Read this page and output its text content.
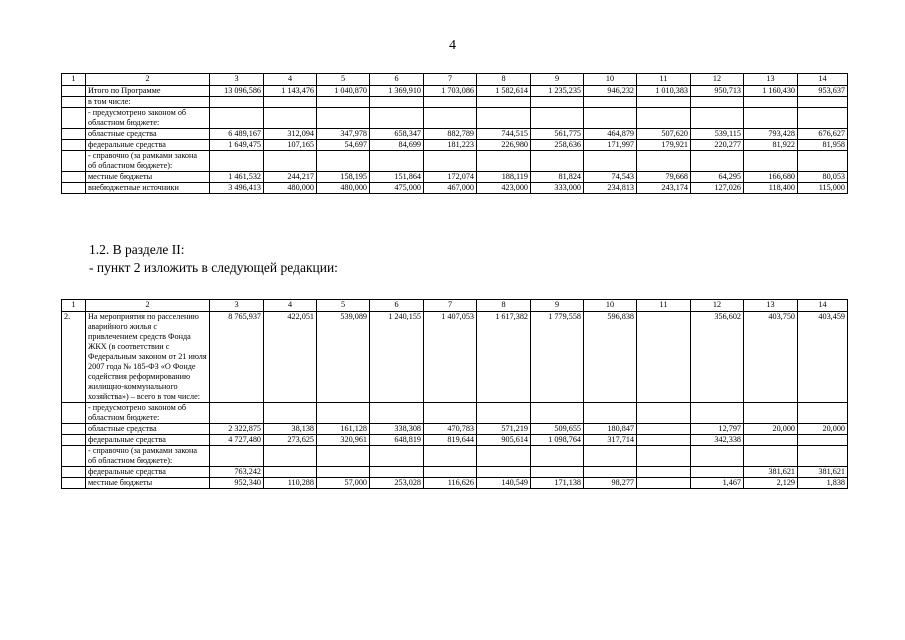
4
1	2	3	4	5	6	7	8	9	10	11	12	13	14
	Итого по Программе	13 096,586	1 143,476	1 040,870	1 369,910	1 703,086	1 582,614	1 235,235	946,232	1 010,383	950,713	1 160,430	953,637
	в том числе:												
	- предусмотрено законом об областном бюджете:												
	областные средства	6 489,167	312,094	347,978	658,347	882,789	744,515	561,775	464,879	507,620	539,115	793,428	676,627
	федеральные средства	1 649,475	107,165	54,697	84,699	181,223	226,980	258,636	171,997	179,921	220,277	81,922	81,958
	- справочно (за рамками закона об областном бюджете):												
	местные бюджеты	1 461,532	244,217	158,195	151,864	172,074	188,119	81,824	74,543	79,668	64,295	166,680	80,053
	внебюджетные источники	3 496,413	480,000	480,000	475,000	467,000	423,000	333,000	234,813	243,174	127,026	118,400	115,000
1.2. В разделе II:
- пункт 2 изложить в следующей редакции:
1	2	3	4	5	6	7	8	9	10	11	12	13	14
2.	На мероприятия по расселению аварийного жилья с привлечением средств Фонда ЖКХ (в соответствии с Федеральным законом от 21 июля 2007 года № 185-ФЗ «О Фонде содействия реформированию жилищно-коммунального хозяйства») – всего в том числе:	8 765,937	422,051	539,089	1 240,155	1 407,053	1 617,382	1 779,558	596,838		356,602	403,750	403,459
	- предусмотрено законом об областном бюджете:												
	областные средства	2 322,875	38,138	161,128	338,308	470,783	571,219	509,655	180,847		12,797	20,000	20,000
	федеральные средства	4 727,480	273,625	320,961	648,819	819,644	905,614	1 098,764	317,714		342,338		
	- справочно (за рамками закона об областном бюджете):												
	федеральные средства	763,242										381,621	381,621
	местные бюджеты	952,340	110,288	57,000	253,028	116,626	140,549	171,138	98,277		1,467	2,129	1,838
